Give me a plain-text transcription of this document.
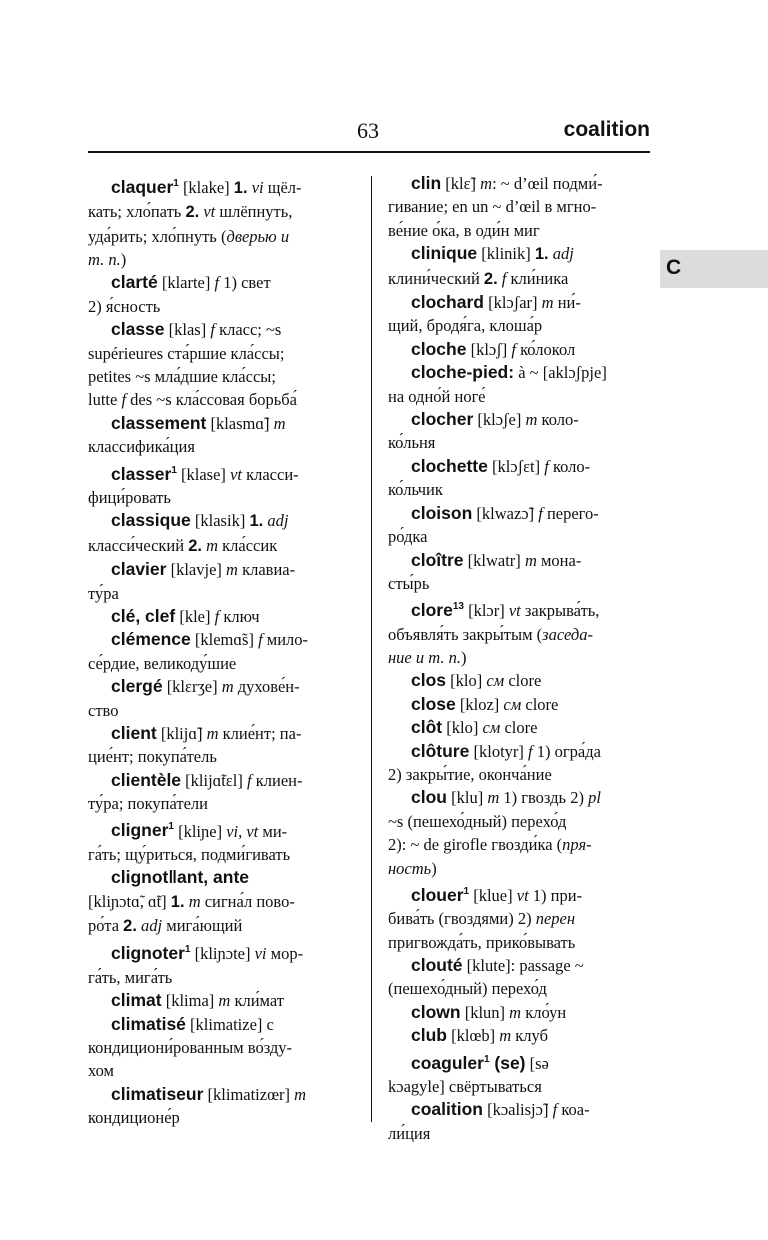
63	coalition
C
claquer$^1$ [klake] 1. vi щёл-
кать; хло́пать 2. vt шлёпнуть,
уда́рить; хло́пнуть (дверью и
т. п.)
clarté [klarte] f 1) свет
2) я́сность
classe [klas] f класс; ~s
supérieures ста́ршие кла́ссы;
petites ~s мла́дшие кла́ссы;
lutte f des ~s кла́ссовая борьба́
classement [klasmɑ̃] m
классифика́ция
classer$^1$ [klase] vt класси-
фици́ровать
classique [klasik] 1. adj
класси́ческий 2. m кла́ссик
clavier [klavje] m клавиа-
ту́ра
clé, clef [kle] f ключ
clémence [klemɑ̃s] f мило-
се́рдие, великоду́шие
clergé [klɛrʒe] m духове́н-
ство
client [klijɑ̃] m клие́нт; па-
цие́нт; покупа́тель
clientèle [klijɑ̃tɛl] f клиен-
ту́ра; покупа́тели
cligner$^1$ [kliɲe] vi, vt ми-
га́ть; щу́риться, подми́гивать
clignot‖ant, ante
[kliɲɔtɑ̃, ɑ̃t] 1. m сигна́л пово-
ро́та 2. adj мига́ющий
clignoter$^1$ [kliɲɔte] vi мор-
га́ть, мига́ть
climat [klima] m кли́мат
climatisé [klimatize] с
кондициони́рованным во́зду-
хом
climatiseur [klimatizœr] m
кондиционе́р
clin [klɛ̃] m: ~ d’œil подми́-
гивание; en un ~ d’œil в мгно-
ве́ние о́ка, в оди́н миг
clinique [klinik] 1. adj
клини́ческий 2. f кли́ника
clochard [klɔʃar] m ни́-
щий, бродя́га, клоша́р
cloche [klɔʃ] f ко́локол
cloche-pied: à ~ [aklɔʃpje]
на одно́й ноге́
clocher [klɔʃe] m коло-
ко́льня
clochette [klɔʃɛt] f коло-
ко́льчик
cloison [klwazɔ̃] f перего-
ро́дка
cloître [klwatr] m мона-
сты́рь
clore$^{13}$ [klɔr] vt закрыва́ть,
объявля́ть закры́тым (заседа-
ние и т. п.)
clos [klo] см clore
close [kloz] см clore
clôt [klo] см clore
clôture [klotyr] f 1) огра́да
2) закры́тие, оконча́ние
clou [klu] m 1) гвоздь 2) pl
~s (пешехо́дный) перехо́д
2): ~ de girofle гвозди́ка (пря-
ность)
clouer$^1$ [klue] vt 1) при-
бива́ть (гвоздями) 2) перен
пригвожда́ть, прико́вывать
clouté [klute]: passage ~
(пешехо́дный) перехо́д
clown [klun] m кло́ун
club [klœb] m клуб
coaguler$^1$ (se) [sə
kɔagyle] свёртываться
coalition [kɔalisjɔ̃] f коа-
ли́ция
